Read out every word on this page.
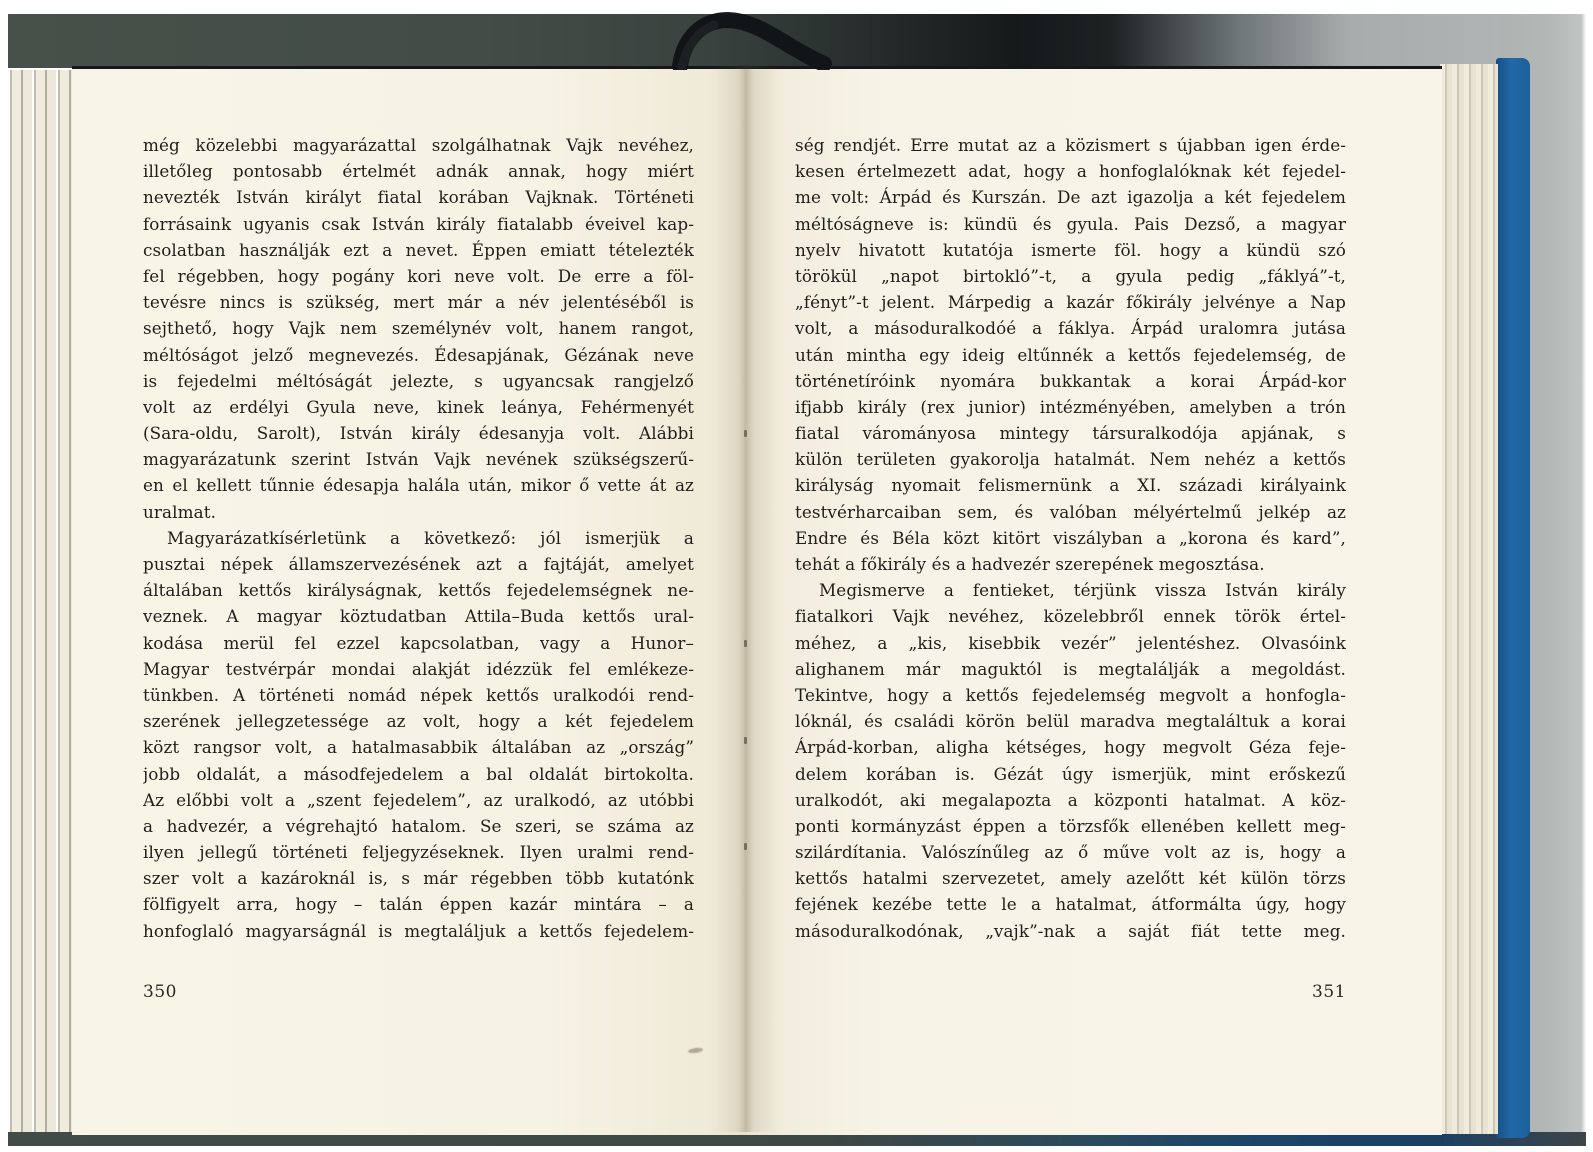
még közelebbi magyarázattal szolgálhatnak Vajk nevéhez,
illetőleg pontosabb értelmét adnák annak, hogy miért
nevezték István királyt fiatal korában Vajknak. Történeti
forrásaink ugyanis csak István király fiatalabb éveivel kap-
csolatban használják ezt a nevet. Éppen emiatt tételezték
fel régebben, hogy pogány kori neve volt. De erre a föl-
tevésre nincs is szükség, mert már a név jelentéséből is
sejthető, hogy Vajk nem személynév volt, hanem rangot,
méltóságot jelző megnevezés. Édesapjának, Gézának neve
is fejedelmi méltóságát jelezte, s ugyancsak rangjelző
volt az erdélyi Gyula neve, kinek leánya, Fehérmenyét
(Sara-oldu, Sarolt), István király édesanyja volt. Alábbi
magyarázatunk szerint István Vajk nevének szükségszerű-
en el kellett tűnnie édesapja halála után, mikor ő vette át az
uralmat.
Magyarázatkísérletünk a következő: jól ismerjük a
pusztai népek államszervezésének azt a fajtáját, amelyet
általában kettős királyságnak, kettős fejedelemségnek ne-
veznek. A magyar köztudatban Attila–Buda kettős ural-
kodása merül fel ezzel kapcsolatban, vagy a Hunor–
Magyar testvérpár mondai alakját idézzük fel emlékeze-
tünkben. A történeti nomád népek kettős uralkodói rend-
szerének jellegzetessége az volt, hogy a két fejedelem
közt rangsor volt, a hatalmasabbik általában az „ország”
jobb oldalát, a másodfejedelem a bal oldalát birtokolta.
Az előbbi volt a „szent fejedelem”, az uralkodó, az utóbbi
a hadvezér, a végrehajtó hatalom. Se szeri, se száma az
ilyen jellegű történeti feljegyzéseknek. Ilyen uralmi rend-
szer volt a kazároknál is, s már régebben több kutatónk
fölfigyelt arra, hogy – talán éppen kazár mintára – a
honfoglaló magyarságnál is megtaláljuk a kettős fejedelem-
ség rendjét. Erre mutat az a közismert s újabban igen érde-
kesen értelmezett adat, hogy a honfoglalóknak két fejedel-
me volt: Árpád és Kurszán. De azt igazolja a két fejedelem
méltóságneve is: kündü és gyula. Pais Dezső, a magyar
nyelv hivatott kutatója ismerte föl. hogy a kündü szó
törökül „napot birtokló”-t, a gyula pedig „fáklyá”-t,
„fényt”-t jelent. Márpedig a kazár főkirály jelvénye a Nap
volt, a másoduralkodóé a fáklya. Árpád uralomra jutása
után mintha egy ideig eltűnnék a kettős fejedelemség, de
történetíróink nyomára bukkantak a korai Árpád-kor
ifjabb király (rex junior) intézményében, amelyben a trón
fiatal várományosa mintegy társuralkodója apjának, s
külön területen gyakorolja hatalmát. Nem nehéz a kettős
királyság nyomait felismernünk a XI. századi királyaink
testvérharcaiban sem, és valóban mélyértelmű jelkép az
Endre és Béla közt kitört viszályban a „korona és kard”,
tehát a főkirály és a hadvezér szerepének megosztása.
Megismerve a fentieket, térjünk vissza István király
fiatalkori Vajk nevéhez, közelebbről ennek török értel-
méhez, a „kis, kisebbik vezér” jelentéshez. Olvasóink
alighanem már maguktól is megtalálják a megoldást.
Tekintve, hogy a kettős fejedelemség megvolt a honfogla-
lóknál, és családi körön belül maradva megtaláltuk a korai
Árpád-korban, aligha kétséges, hogy megvolt Géza feje-
delem korában is. Gézát úgy ismerjük, mint erőskezű
uralkodót, aki megalapozta a központi hatalmat. A köz-
ponti kormányzást éppen a törzsfők ellenében kellett meg-
szilárdítania. Valószínűleg az ő műve volt az is, hogy a
kettős hatalmi szervezetet, amely azelőtt két külön törzs
fejének kezébe tette le a hatalmat, átformálta úgy, hogy
másoduralkodónak, „vajk”-nak a saját fiát tette meg.
350	351
